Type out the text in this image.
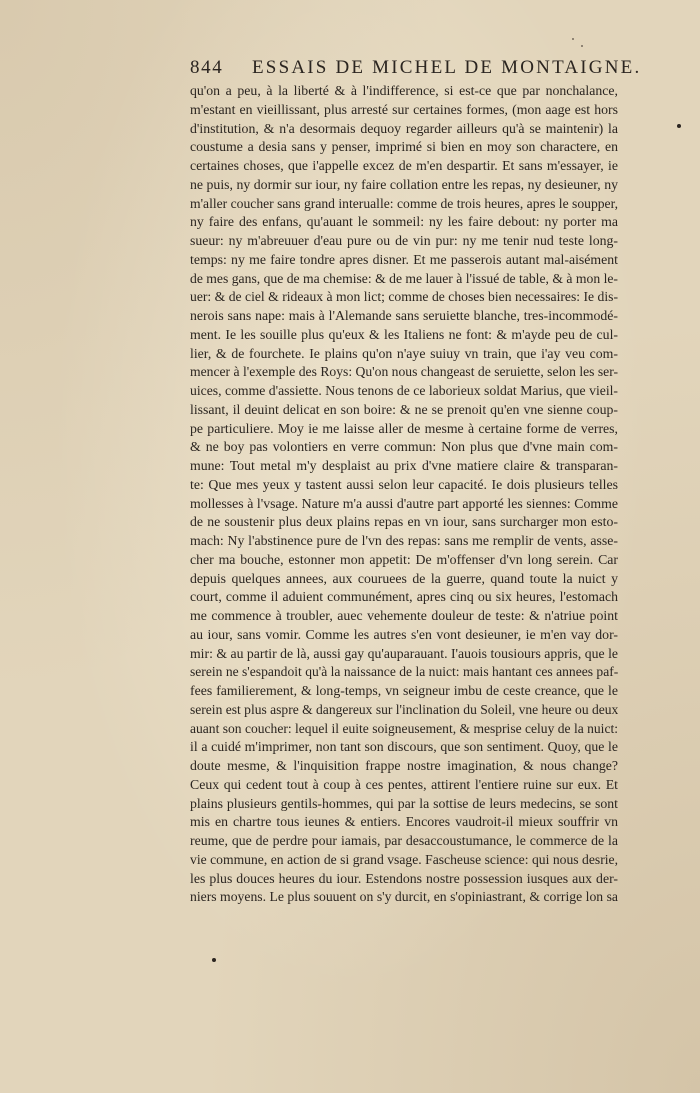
844 ESSAIS DE MICHEL DE MONTAIGNE.
qu'on a peu, à la liberté & à l'indifference, si est-ce que par nonchalance,
m'estant en vieillissant, plus arresté sur certaines formes, (mon aage est hors
d'institution, & n'a desormais dequoy regarder ailleurs qu'à se maintenir) la
coustume a desia sans y penser, imprimé si bien en moy son charactere, en
certaines choses, que i'appelle excez de m'en despartir. Et sans m'essayer, ie
ne puis, ny dormir sur iour, ny faire collation entre les repas, ny desieuner, ny
m'aller coucher sans grand interualle: comme de trois heures, apres le soupper,
ny faire des enfans, qu'auant le sommeil: ny les faire debout: ny porter ma
sueur: ny m'abreuuer d'eau pure ou de vin pur: ny me tenir nud teste long-
temps: ny me faire tondre apres disner. Et me passerois autant mal-aisément
de mes gans, que de ma chemise: & de me lauer à l'issué de table, & à mon le-
uer: & de ciel & rideaux à mon lict; comme de choses bien necessaires: Ie dis-
nerois sans nape: mais à l'Alemande sans seruiette blanche, tres-incommodé-
ment. Ie les souille plus qu'eux & les Italiens ne font: & m'ayde peu de cul-
lier, & de fourchete. Ie plains qu'on n'aye suiuy vn train, que i'ay veu com-
mencer à l'exemple des Roys: Qu'on nous changeast de seruiette, selon les ser-
uices, comme d'assiette. Nous tenons de ce laborieux soldat Marius, que vieil-
lissant, il deuint delicat en son boire: & ne se prenoit qu'en vne sienne coup-
pe particuliere. Moy ie me laisse aller de mesme à certaine forme de verres,
& ne boy pas volontiers en verre commun: Non plus que d'vne main com-
mune: Tout metal m'y desplaist au prix d'vne matiere claire & transparan-
te: Que mes yeux y tastent aussi selon leur capacité. Ie dois plusieurs telles
mollesses à l'vsage. Nature m'a aussi d'autre part apporté les siennes: Comme
de ne soustenir plus deux plains repas en vn iour, sans surcharger mon esto-
mach: Ny l'abstinence pure de l'vn des repas: sans me remplir de vents, asse-
cher ma bouche, estonner mon appetit: De m'offenser d'vn long serein. Car
depuis quelques annees, aux couruees de la guerre, quand toute la nuict y
court, comme il aduient communément, apres cinq ou six heures, l'estomach
me commence à troubler, auec vehemente douleur de teste: & n'atriue point
au iour, sans vomir. Comme les autres s'en vont desieuner, ie m'en vay dor-
mir: & au partir de là, aussi gay qu'auparauant. I'auois tousiours appris, que le
serein ne s'espandoit qu'à la naissance de la nuict: mais hantant ces annees paf-
fees familierement, & long-temps, vn seigneur imbu de ceste creance, que le
serein est plus aspre & dangereux sur l'inclination du Soleil, vne heure ou deux
auant son coucher: lequel il euite soigneusement, & mesprise celuy de la nuict:
il a cuidé m'imprimer, non tant son discours, que son sentiment. Quoy, que le
doute mesme, & l'inquisition frappe nostre imagination, & nous change?
Ceux qui cedent tout à coup à ces pentes, attirent l'entiere ruine sur eux. Et
plains plusieurs gentils-hommes, qui par la sottise de leurs medecins, se sont
mis en chartre tous ieunes & entiers. Encores vaudroit-il mieux souffrir vn
reume, que de perdre pour iamais, par desaccoustumance, le commerce de la
vie commune, en action de si grand vsage. Fascheuse science: qui nous desrie,
les plus douces heures du iour. Estendons nostre possession iusques aux der-
niers moyens. Le plus souuent on s'y durcit, en s'opiniastrant, & corrige lon sa
